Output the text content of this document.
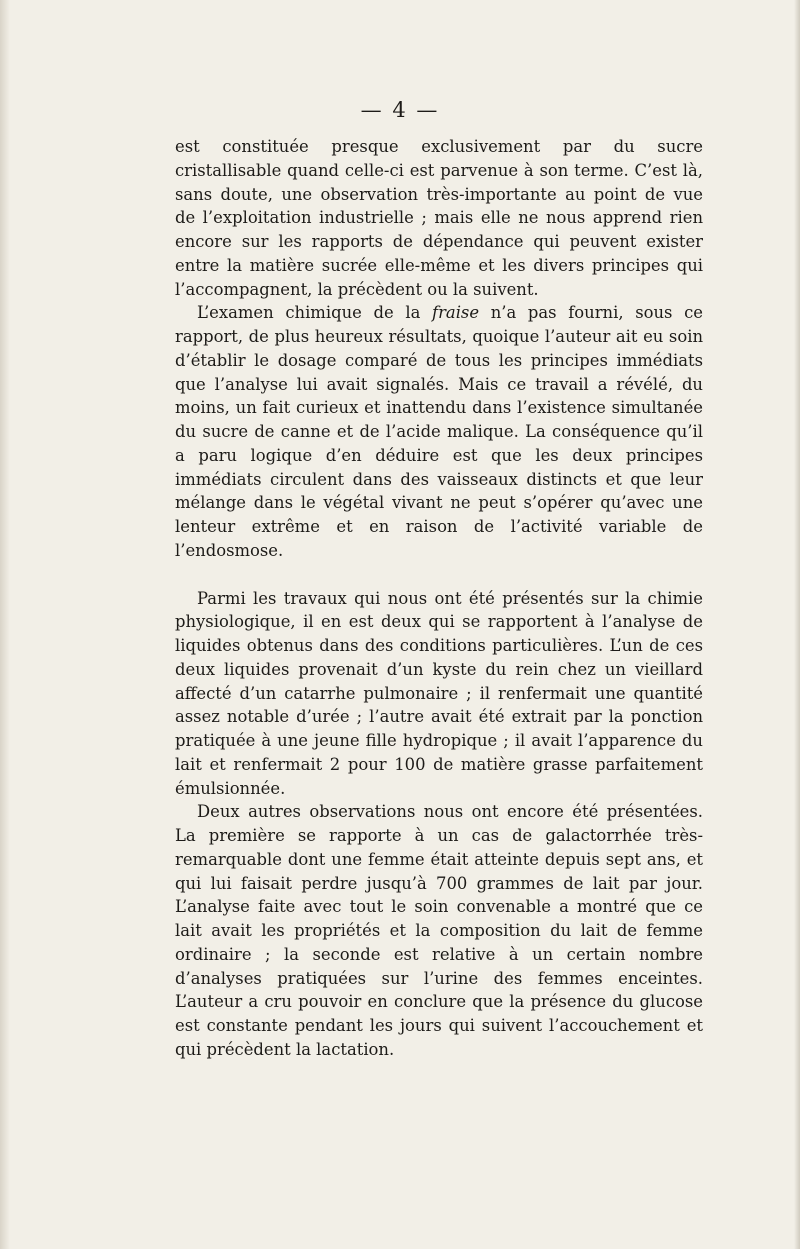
— 4 —

est constituée presque exclusivement par du sucre cristallisable quand celle-ci est parvenue à son terme. C’est là, sans doute, une observation très-importante au point de vue de l’exploitation industrielle ; mais elle ne nous apprend rien encore sur les rapports de dépendance qui peuvent exister entre la matière sucrée elle-même et les divers principes qui l’accompagnent, la précèdent ou la suivent.

L’examen chimique de la fraise n’a pas fourni, sous ce rapport, de plus heureux résultats, quoique l’auteur ait eu soin d’établir le dosage comparé de tous les principes immédiats que l’analyse lui avait signalés. Mais ce travail a révélé, du moins, un fait curieux et inattendu dans l’existence simultanée du sucre de canne et de l’acide malique. La conséquence qu’il a paru logique d’en déduire est que les deux principes immédiats circulent dans des vaisseaux distincts et que leur mélange dans le végétal vivant ne peut s’opérer qu’avec une lenteur extrême et en raison de l’activité variable de l’endosmose.

Parmi les travaux qui nous ont été présentés sur la chimie physiologique, il en est deux qui se rapportent à l’analyse de liquides obtenus dans des conditions particulières. L’un de ces deux liquides provenait d’un kyste du rein chez un vieillard affecté d’un catarrhe pulmonaire ; il renfermait une quantité assez notable d’urée ; l’autre avait été extrait par la ponction pratiquée à une jeune fille hydropique ; il avait l’apparence du lait et renfermait 2 pour 100 de matière grasse parfaitement émulsionnée.

Deux autres observations nous ont encore été présentées. La première se rapporte à un cas de galactorrhée très-remarquable dont une femme était atteinte depuis sept ans, et qui lui faisait perdre jusqu’à 700 grammes de lait par jour. L’analyse faite avec tout le soin convenable a montré que ce lait avait les propriétés et la composition du lait de femme ordinaire ; la seconde est relative à un certain nombre d’analyses pratiquées sur l’urine des femmes enceintes. L’auteur a cru pouvoir en conclure que la présence du glucose est constante pendant les jours qui suivent l’accouchement et qui précèdent la lactation.
